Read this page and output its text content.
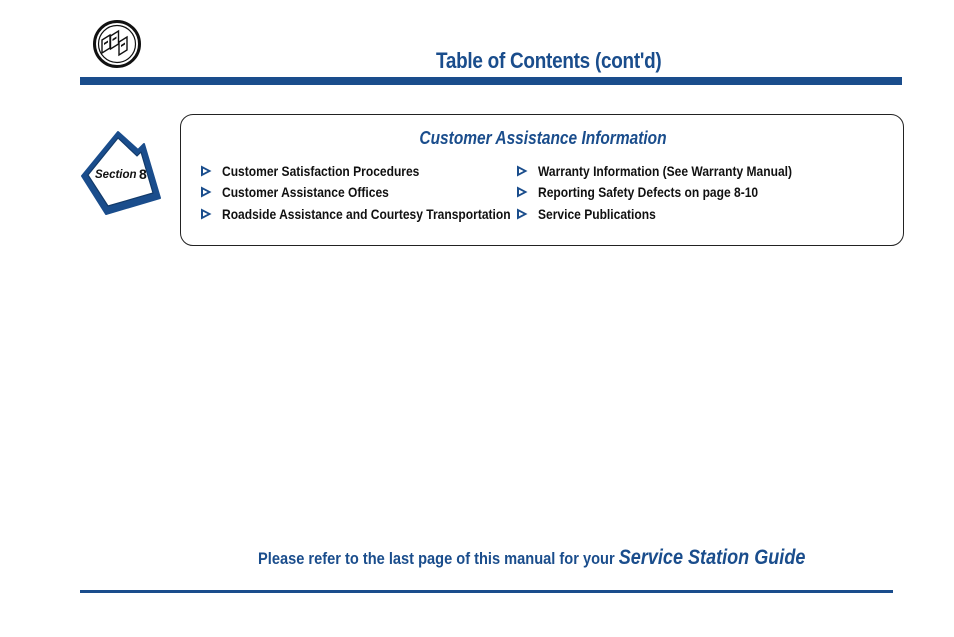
Table of Contents (cont'd)
Section 8
Customer Assistance Information
Customer Satisfaction Procedures
Customer Assistance Offices
Roadside Assistance and Courtesy Transportation
Warranty Information (See Warranty Manual)
Reporting Safety Defects on page 8-10
Service Publications
Please refer to the last page of this manual for your Service Station Guide
